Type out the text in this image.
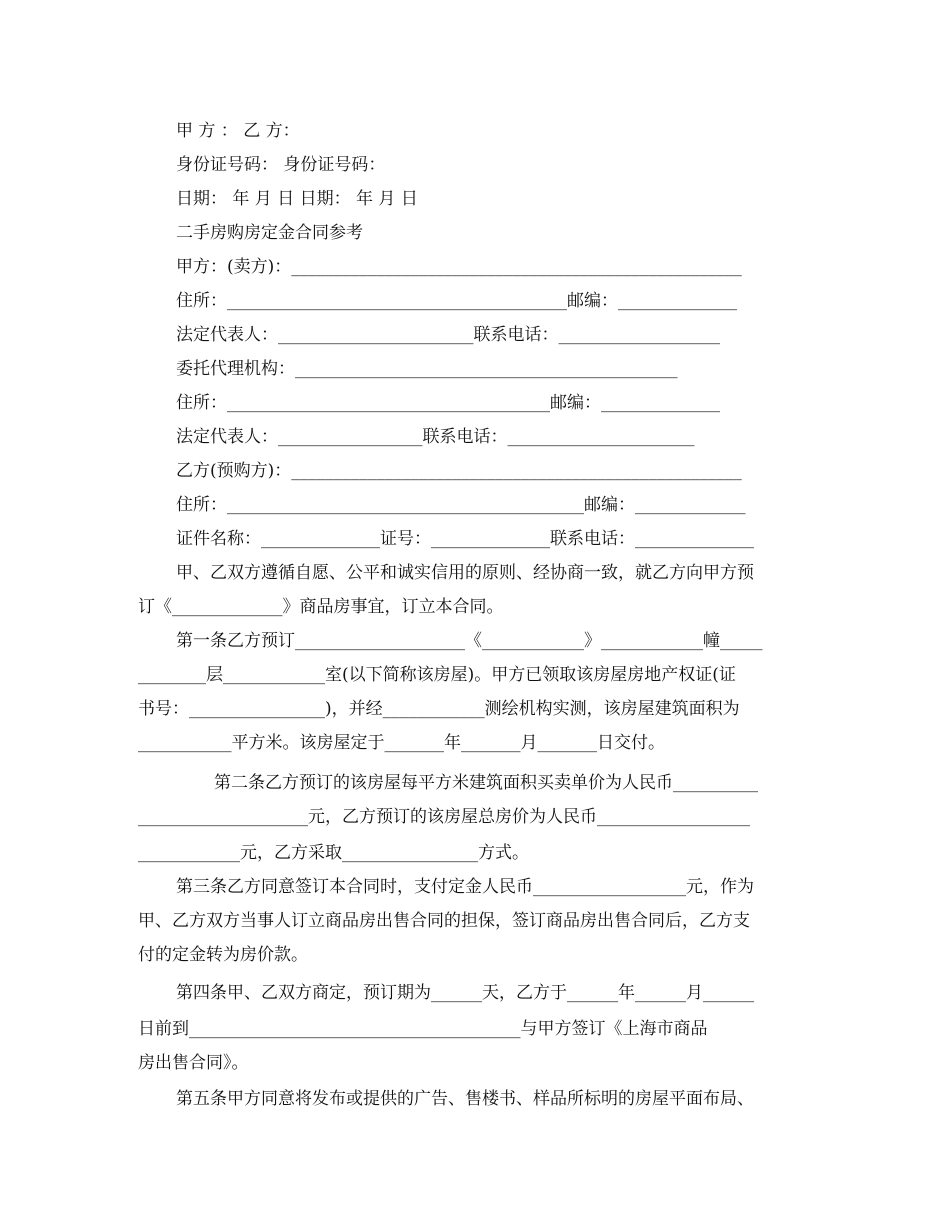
甲 方 ： 乙 方：
身份证号码： 身份证号码：
日期： 年 月 日 日期： 年 月 日
二手房购房定金合同参考
甲方：(卖方)：_____________________________________________________
住所：________________________________________邮编：______________
法定代表人：_______________________联系电话：___________________
委托代理机构：_____________________________________________
住所：______________________________________邮编：______________
法定代表人：_________________联系电话：______________________
乙方(预购方)：_____________________________________________________
住所：__________________________________________邮编：_____________
证件名称：______________证号：______________联系电话：______________
甲、乙双方遵循自愿、公平和诚实信用的原则、经协商一致，就乙方向甲方预
订《_____________》商品房事宜，订立本合同。
第一条乙方预订____________________《____________》____________幢_____
________层____________室(以下简称该房屋)。甲方已领取该房屋房地产权证(证
书号：________________)，并经____________测绘机构实测，该房屋建筑面积为
___________平方米。该房屋定于_______年_______月_______日交付。
第二条乙方预订的该房屋每平方米建筑面积买卖单价为人民币__________
____________________元，乙方预订的该房屋总房价为人民币__________________
____________元，乙方采取________________方式。
第三条乙方同意签订本合同时，支付定金人民币__________________元，作为
甲、乙方双方当事人订立商品房出售合同的担保，签订商品房出售合同后，乙方支
付的定金转为房价款。
第四条甲、乙双方商定，预订期为______天，乙方于______年______月______
日前到_______________________________________与甲方签订《上海市商品
房出售合同》。
第五条甲方同意将发布或提供的广告、售楼书、样品所标明的房屋平面布局、
